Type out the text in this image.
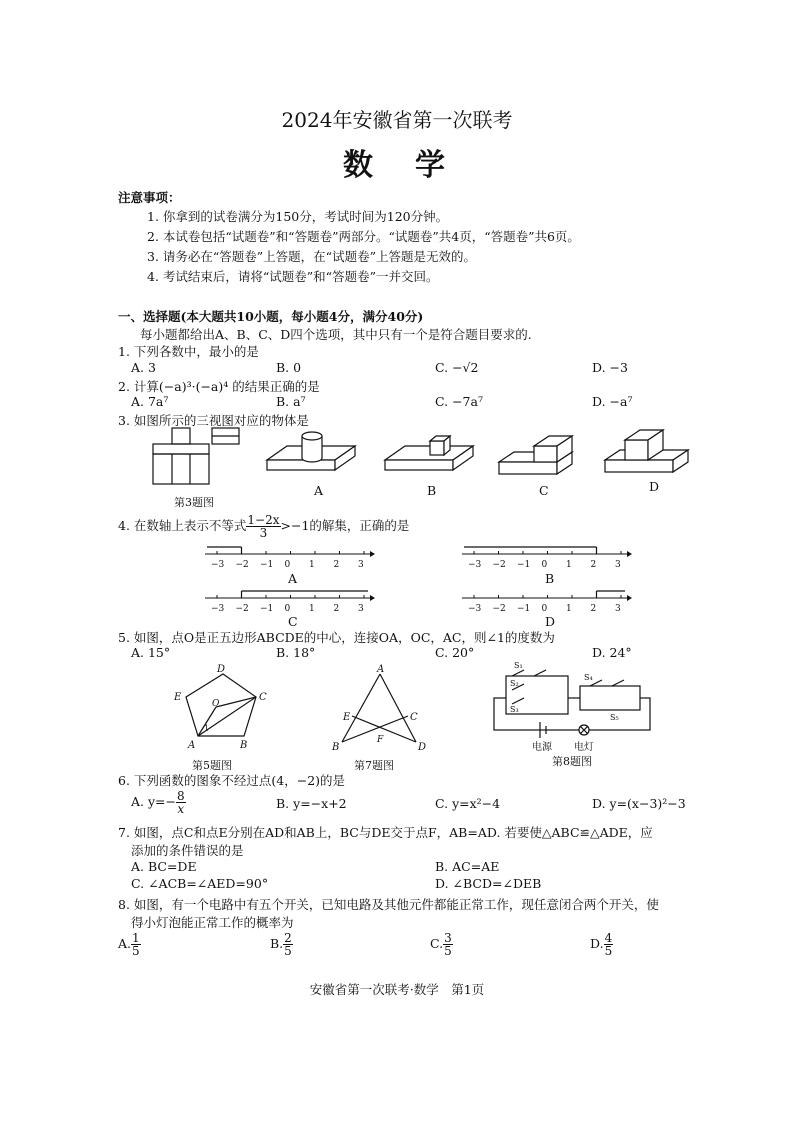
2024年安徽省第一次联考
数　学
注意事项：
1. 你拿到的试卷满分为150分，考试时间为120分钟。
2. 本试卷包括“试题卷”和“答题卷”两部分。“试题卷”共4页，“答题卷”共6页。
3. 请务必在“答题卷”上答题，在“试题卷”上答题是无效的。
4. 考试结束后，请将“试题卷”和“答题卷”一并交回。
一、选择题(本大题共10小题，每小题4分，满分40分)
每小题都给出A、B、C、D四个选项，其中只有一个是符合题目要求的.
1. 下列各数中，最小的是
A. 3	B. 0	C. −√2	D. −3
2. 计算(−a)³·(−a)⁴ 的结果正确的是
A. 7a⁷	B. a⁷	C. −7a⁷	D. −a⁷
3. 如图所示的三视图对应的物体是
第3题图
A	B	C	D
4. 在数轴上表示不等式 $\frac{1-2x}{3} >-1$的解集，正确的是
−3 −2 −1 0 1 2 3
A
−3 −2 −1 0 1 2 3
B
−3 −2 −1 0 1 2 3
C
−3 −2 −1 0 1 2 3
D
5. 如图，点O是正五边形ABCDE的中心，连接OA，OC，AC，则∠1的度数为
A. 15°	B. 18°	C. 20°	D. 24°
D
E	C
A	B
O
1
第5题图
A
B
C
D
E
F
第7题图
S₁
S₂
S₃
S₄
S₅
电源 电灯
第8题图
6. 下列函数的图象不经过点(4，−2)的是
A. $y=- \frac{8}{x}$	B. y=−x+2	C. y=x²−4	D. y=(x−3)²−3
7. 如图，点C和点E分别在AD和AB上，BC与DE交于点F，AB=AD. 若要使△ABC≌△ADE，应
添加的条件错误的是
A. BC=DE	B. AC=AE
C. ∠ACB=∠AED=90°	D. ∠BCD=∠DEB
8. 如图，有一个电路中有五个开关，已知电路及其他元件都能正常工作，现任意闭合两个开关，使
得小灯泡能正常工作的概率为
A. $\frac{1}{5}$	B. $\frac{2}{5}$	C. $\frac{3}{5}$	D. $\frac{4}{5}$
安徽省第一次联考·数学　第1页
